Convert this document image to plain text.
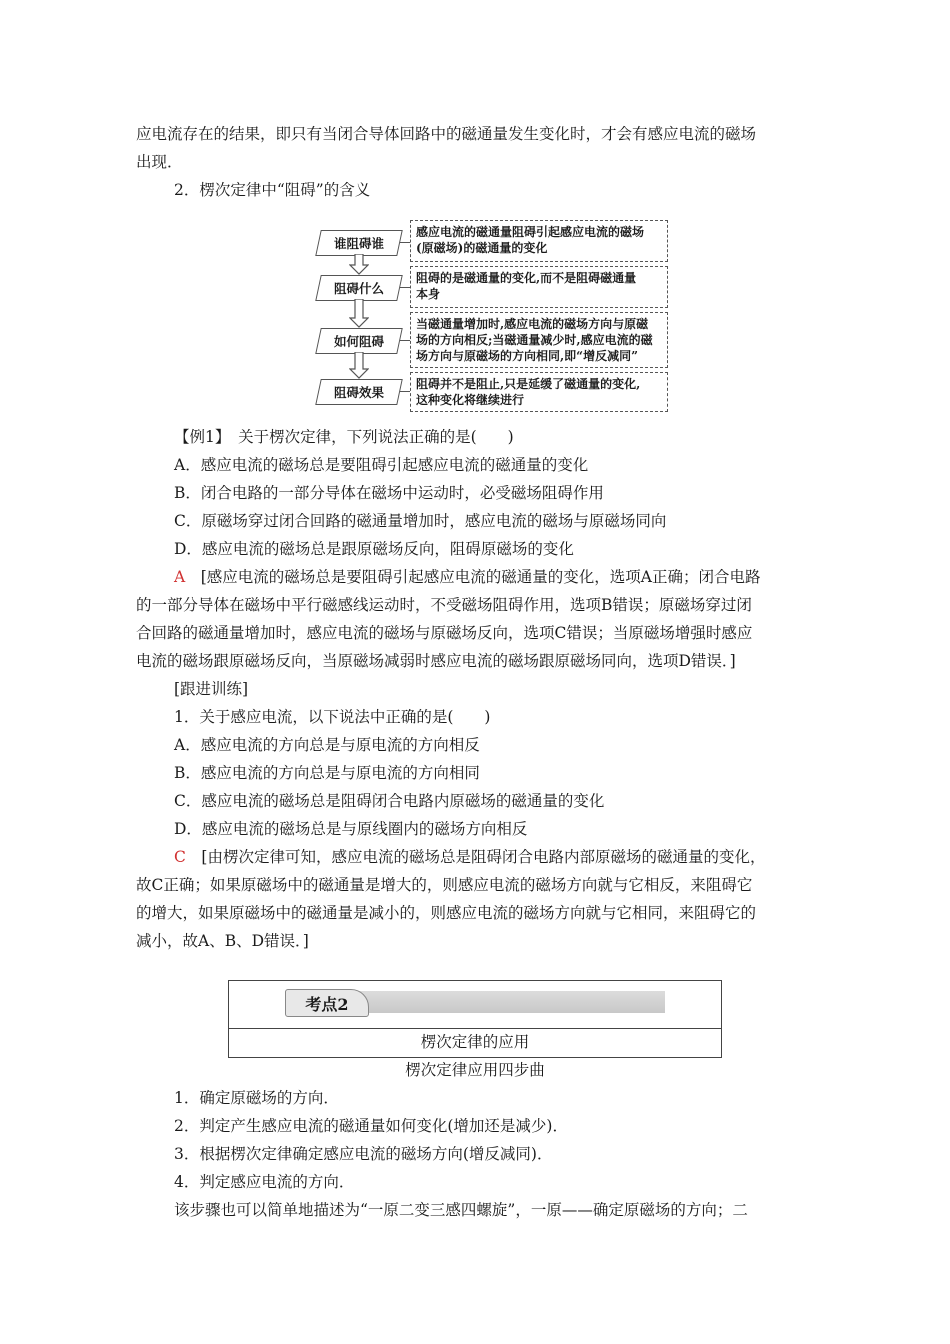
应电流存在的结果，即只有当闭合导体回路中的磁通量发生变化时，才会有感应电流的磁场
出现．
2．楞次定律中“阻碍”的含义
谁阻碍谁
阻碍什么
如何阻碍
阻碍效果
感应电流的磁通量阻碍引起感应电流的磁场
(原磁场)的磁通量的变化
阻碍的是磁通量的变化,而不是阻碍磁通量
本身
当磁通量增加时,感应电流的磁场方向与原磁
场的方向相反;当磁通量减少时,感应电流的磁
场方向与原磁场的方向相同,即“增反减同”
阻碍并不是阻止,只是延缓了磁通量的变化,
这种变化将继续进行
【例1】　关于楞次定律，下列说法正确的是(　　)
A．感应电流的磁场总是要阻碍引起感应电流的磁通量的变化
B．闭合电路的一部分导体在磁场中运动时，必受磁场阻碍作用
C．原磁场穿过闭合回路的磁通量增加时，感应电流的磁场与原磁场同向
D．感应电流的磁场总是跟原磁场反向，阻碍原磁场的变化
A　 [感应电流的磁场总是要阻碍引起感应电流的磁通量的变化，选项A正确；闭合电路
的一部分导体在磁场中平行磁感线运动时，不受磁场阻碍作用，选项B错误；原磁场穿过闭
合回路的磁通量增加时，感应电流的磁场与原磁场反向，选项C错误；当原磁场增强时感应
电流的磁场跟原磁场反向，当原磁场减弱时感应电流的磁场跟原磁场同向，选项D错误．]
[跟进训练]
1．关于感应电流，以下说法中正确的是(　　)
A．感应电流的方向总是与原电流的方向相反
B．感应电流的方向总是与原电流的方向相同
C．感应电流的磁场总是阻碍闭合电路内原磁场的磁通量的变化
D．感应电流的磁场总是与原线圈内的磁场方向相反
C　 [由楞次定律可知，感应电流的磁场总是阻碍闭合电路内部原磁场的磁通量的变化，
故C正确；如果原磁场中的磁通量是增大的，则感应电流的磁场方向就与它相反，来阻碍它
的增大，如果原磁场中的磁通量是减小的，则感应电流的磁场方向就与它相同，来阻碍它的
减小，故A、B、D错误．]
考点2
楞次定律的应用
楞次定律应用四步曲
1．确定原磁场的方向．
2．判定产生感应电流的磁通量如何变化(增加还是减少)．
3．根据楞次定律确定感应电流的磁场方向(增反减同)．
4．判定感应电流的方向．
该步骤也可以简单地描述为“一原二变三感四螺旋”，一原——确定原磁场的方向；二
